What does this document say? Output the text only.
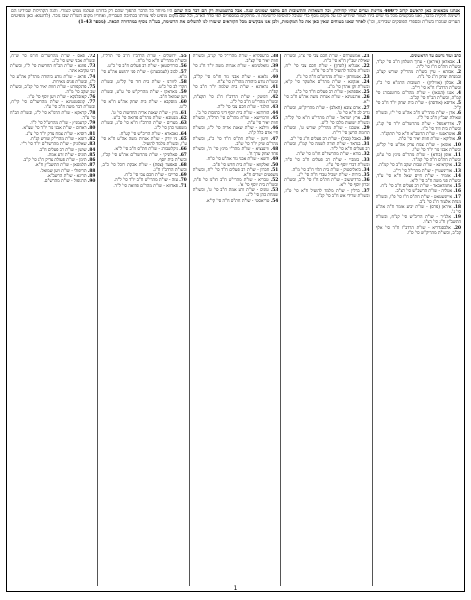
אנחנו מכאאים כאן לראשם קרוב ל־400 מדינות וערים שהיו קהילות, וכל השאלות והתשובות הם מלפני שמונים שנה. אבל בהשמטות רק הם דבר כזה שהם היו מיוחד כל הדבר ההפוך שהם רק בדורנו ונעלמו ממש לגמרי. והנה הקהילות שבידינו הם רשימה חלקית בלבד, ואנו מבקשים מכל מי שיש בידו לעזור שיודיע לנו על מקום נוסף כדי שנוכל להוסיפו לרשימה זו. מחלקים במספרים לפי סדר הא"ב, וכל שם מקום מופיע לפי צורתו בכתיבה העברית, ואחריו מקום השו"ת שבו נזכר. (לדוגמא: כאן מופיעים הערים שנזכרו בשו"ת ובספרי הפוסקים שבידינו, וכו') לאחר שאנו בטוחים שאין כאן את כל המקומות, ולכן אנו מבקשים מכל הקוראים שיעזרו לנו להשלים את הרשימה, בעז"ה נוסיף במהדורה הבאה. (מספר 1-43)
כתב ועוד נרשם עד הראשונים.
1. אבאדאן (איראן) - ערוך השלחן ח"ב סי' קנ"ד, ובשו"ת חת"ס ח"ו סי' ל"ה.
2. אבוהא - עיין בשו"ת מהרי"ק שורש קצ"ב, ובמנחת יצחק ח"ג סי' נ"ח.
3. אבלון (אוויליון) - תשובות הרמ"א סי' כ"ז, ובשו"ת הרדב"ז ח"א סי' רי"ב.
4. אגנו (הגנאו) - שו"ת מהר"ם מרוטנבורג סי' קמ"ה, ובשו"ת הב"ח סי' קכ"ב.
5. אדיסא (אודסה) - שו"ת בית יצחק יו"ד ח"ב סי' ק"ל.
6. אדן - שו"ת מהרי"ט ח"ב אה"ע סי' י"ז, ובשו"ת שאילת יעב"ץ ח"ב סי' ל"ו.
7. אדריאנופל - שו"ת מהרשד"ם יו"ד סי' קנ"ג, ובשו"ת בית דוד סי' כ"ז.
8. אוטראנטו - שו"ת הרשב"א ח"א סי' תתקנ"ד.
9. אוליקא - שו"ת חוות יאיר סי' ס"ה.
10. אומאן - שו"ת צמח צדק אה"ע סי' קל"ט, ובשו"ת אבני נזר יו"ד סי' ש"ו.
11. אופן (בודא) - שו"ת מהר"ם מינץ סי' ע"ט, ובשו"ת חת"ס ח"ה סי' קמ"ד.
12. אוקראינא - שו"ת שבות יעקב ח"ב סי' קמ"ה.
13. אורינשטיין - שו"ת מהרי"ל סי' רי"ג.
14. אזמיר - שו"ת חיים שאל ח"א סי' ע"ד, ובשו"ת פני משה ח"ב סי' ל"א.
15. אחמדאבאד - שו"ת רב פעלים ח"ב סי' נ"ח.
16. אטליה - שו"ת הרשב"ש סי' רצ"ב.
17. אייזנשטאט - שו"ת חת"ס ח"ו סי' פ"ו, ובשו"ת מנחת אלעזר ח"ג סי' נ"ב.
18. איראן (פרס) - שו"ת יביע אומר ח"ה אה"ע סי' ג'.
19. אלג'יר - שו"ת הריב"ש סי' קנ"ח, ובשו"ת התשב"ץ ח"ג סי' רצ"ו.
20. אלכסנדריא - שו"ת הרדב"ז ח"ד סי' אלף קכ"ב, ובשו"ת מהריק"ש סי' ס"ו.
21. אמשטרדם - שו"ת חכם צבי סי' צ"ג, ובשו"ת שאילת יעב"ץ ח"א סי' כ"ח.
22. אנגליא (לונדון) - שו"ת חכם צבי סי' י"ח, ובשו"ת מלמד להועיל ח"ב סי' פ"ה.
23. אנטוורפן - שו"ת מהרש"ם ח"ה סי' נ"ז.
24. אנקונא - שו"ת מהר"ם אלשקר סי' ק"א, ובשו"ת זקן אהרן סי' מ"ג.
25. אספהאן - שו"ת רב פעלים ח"ד סי' כ"ג.
26. ארגנטינא - שו"ת אגרות משה אה"ע ח"ב סי' י"א.
27. ארם צובא (חאלב) - שו"ת מהריק"ש, ובשו"ת נדיב לב ח"א סי' ט'.
28. ארץ ישראל - שו"ת מהרי"ט ח"א סי' קל"ד, ובשו"ת ישועות מלכו סי' ל"ט.
29. אשכנז - שו"ת מהרי"ק שורש ט', ובשו"ת תרומת הדשן סי' רי"ח.
30. באבל (בבל) - שו"ת רב פעלים ח"ג סי' י"ב.
31. בגדאד - שו"ת תורה לשמה סי' קמ"ז, ובשו"ת רב פעלים ח"א סי' ל"ד.
32. בודא - שו"ת מהרשד"ם חו"מ סי' ש"ה.
33. בומביי - שו"ת רב פעלים ח"ב סי' ס"ד, ובשו"ת דברי יוסף סי' ט"ז.
34. ביאליסטוק - שו"ת בית הלוי ח"ב סי' מ"ה.
35. בירות - שו"ת ישכיל עבדי ח"ה סי' י"ג.
36. ברדיטשוב - שו"ת חת"ס ח"ו סי' ל"ב, ובשו"ת זכרון יוסף סי' י"א.
37. ברלין - שו"ת מלמד להועיל ח"א סי' ט"ז, ובשו"ת שרידי אש ח"ב סי' קנ"ו.
38. ברעסלויא - שו"ת מהרי"ל סי' קנ"ב, ובשו"ת חוות יאיר סי' קצ"ב.
39. גוואלטימא - שו"ת אגרות משה יו"ד ח"ג סי' מ"ז.
40. גלאגא - שו"ת אבני נזר חו"מ סי' קל"ב, ובשו"ת נודע ביהודה מהד"ת סי' צ"ח.
41. גראדנא - שו"ת בית שלמה יו"ד ח"ב סי' קפ"ח.
42. דמשק - שו"ת הרדב"ז ח"ג סי' תקצ"ה, ובשו"ת מהרי"ט ח"ב סי' ל"ג.
43. הולנד - שו"ת חכם צבי סי' ל"ה.
44. הורודנא - שו"ת בית יוסף דיני כתובות סי' ב'.
45. וורמיישא - שו"ת מהר"ם סי' תרל"ד, ובשו"ת חוות יאיר סי' ע"ה.
46. ווילנא - שו"ת שאגת אריה סי' ל"ג, ובשו"ת חיי אדם כלל ק"ה.
47. וויען - שו"ת חת"ס ח"ד סי' כ"ג, ובשו"ת מהר"ם שיק יו"ד סי' ש"ב.
48. ווינעציא - שו"ת מהר"י מינץ סי' ה', ובשו"ת פחד יצחק ערך ח'.
49. ורשא - שו"ת אבני נזר אה"ע סי' ס"ח.
50. זאלקווא - שו"ת בית חדש סי' פ"ב.
51. חברון - שו"ת רב פעלים ח"ד סי' י"ח, ובשו"ת משפטים ישרים ח"א.
52. טבריא - שו"ת מהרי"ט ח"ב חו"מ סי' פ"ה, ובשו"ת בית יוסף סי' א'.
53. טוניס - שו"ת זרע אמת ח"ב סי' ט', ובשו"ת שמחת כהן סי' ל"ג.
54. טריאסטי - שו"ת חת"ס ח"ה סי' קי"א.
55. ירושלים - שו"ת הרדב"ז ח"ב סי' תרל"ז, ובשו"ת מהרי"ט ח"א סי' מ"ח.
56. כורדיסטאן - שו"ת רב פעלים ח"ב סי' כ"ט.
57. לבוב (לעמבערג) - שו"ת פני יהושע אה"ע סי' מ"א.
58. ליוורנו - שו"ת בית דוד סי' קל"ט, ובשו"ת חקרי לב סי' כ"ט.
59. מאראקו - שו"ת מהריק"ש סי' ע"ט, ובשו"ת ויען שמואל ח"ב.
60. מוסקבא - שו"ת בית יצחק אה"ע ח"א סי' ל"ט.
61. מיץ - שו"ת שאגת אריה החדשות סי' ט'.
62. מנטובא - שו"ת מהר"ם פדואה סי' כ"ט.
63. מצרים - שו"ת הרדב"ז ח"א סי' ס"ג, ובשו"ת משפטי כהן סי' ל"ג.
64. נאבארא - שו"ת הריב"ש סי' קע"ח.
65. ניו יורק - שו"ת אגרות משה אה"ע ח"א סי' ע"ו, ובשו"ת מלמד להועיל.
66. ניקלשבורג - שו"ת חת"ס ח"ב סי' ל"א.
67. סאלוניקי - שו"ת מהרשד"ם אה"ע סי' קכ"ז, ובשו"ת בית יוסף.
68. סאפעד (צפת) - שו"ת אבקת רוכל סי' כ"ב, ובשו"ת הרדב"ז ח"ג.
69. סרייבו - שו"ת חכם צבי סי' כ"ח.
70. עזה - שו"ת מהרי"ט ח"ב יו"ד סי' ל"ה.
71. פאדווא - שו"ת מהר"ם פדואה סי' ל"ד.
72. פאס - שו"ת מהרשד"ם חו"מ סי' ש"ח, ובשו"ת אבני שיש סי' כ"ג.
73. פוזנא - שו"ת הב"ח החדשות סי' ל"ו, ובשו"ת רבי עקיבא איגר.
74. פראג - שו"ת נודע ביהודה מהד"ק אה"ע סי' ל"ג, ובשו"ת פנים מאירות.
75. פרנקפורט - שו"ת חוות יאיר סי' קנ"ב, ובשו"ת שב יעקב סי' מ"ה.
76. קאזבלנקא - שו"ת ויען יוסף סי' ט"ו.
77. קונסטנטינא - שו"ת מהרשד"ם סי' קי"ח, ובשו"ת דבר משה ח"ב סי' ע"ו.
78. קראקא - שו"ת הרמ"א סי' ל"ג, ובשו"ת הב"ח סי' ע"ד.
79. קרעמניץ - שו"ת מהרש"ל סי' ל"ו.
80. ראדום - שו"ת אבני נזר יו"ד סי' שצ"א.
81. רוסיא - שו"ת צמח צדק יו"ד סי' צ"ג.
82. רומא - שו"ת מהרי"ק שורש קנ"ח.
83. שאלוניק - שו"ת מהרשד"ם יו"ד סי' ר"י.
84. שושן - שו"ת רב פעלים ח"ב.
85. תוניס - שו"ת זרע אמת.
86. תימן - שו"ת פעולת צדיק ח"ג סי' ק"ב.
87. תלמסאן - שו"ת התשב"ץ ח"א.
88. תריפולי - שו"ת ויען שמואל.
89. תרינא - שו"ת הרשב"א.
90. תרנופול - שו"ת מהרש"ם.
1
